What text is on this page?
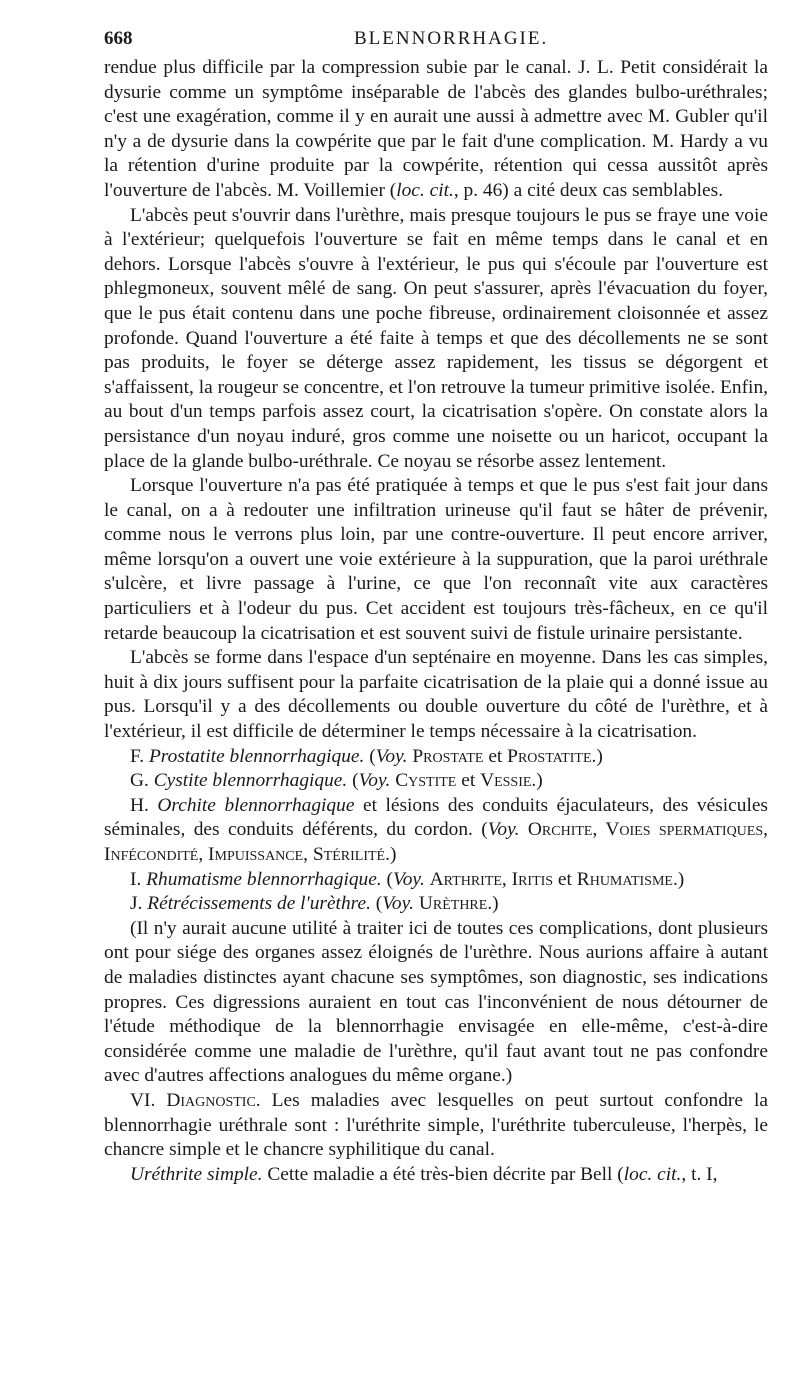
668	BLENNORRHAGIE.

rendue plus difficile par la compression subie par le canal. J. L. Petit considérait la dysurie comme un symptôme inséparable de l'abcès des glandes bulbo-uréthrales; c'est une exagération, comme il y en aurait une aussi à admettre avec M. Gubler qu'il n'y a de dysurie dans la cowpérite que par le fait d'une complication. M. Hardy a vu la rétention d'urine produite par la cowpérite, rétention qui cessa aussitôt après l'ouverture de l'abcès. M. Voillemier (loc. cit., p. 46) a cité deux cas semblables.

L'abcès peut s'ouvrir dans l'urèthre, mais presque toujours le pus se fraye une voie à l'extérieur; quelquefois l'ouverture se fait en même temps dans le canal et en dehors. Lorsque l'abcès s'ouvre à l'extérieur, le pus qui s'écoule par l'ouverture est phlegmoneux, souvent mêlé de sang. On peut s'assurer, après l'évacuation du foyer, que le pus était contenu dans une poche fibreuse, ordinairement cloisonnée et assez profonde. Quand l'ouverture a été faite à temps et que des décollements ne se sont pas produits, le foyer se déterge assez rapidement, les tissus se dégorgent et s'affaissent, la rougeur se concentre, et l'on retrouve la tumeur primitive isolée. Enfin, au bout d'un temps parfois assez court, la cicatrisation s'opère. On constate alors la persistance d'un noyau induré, gros comme une noisette ou un haricot, occupant la place de la glande bulbo-uréthrale. Ce noyau se résorbe assez lentement.

Lorsque l'ouverture n'a pas été pratiquée à temps et que le pus s'est fait jour dans le canal, on a à redouter une infiltration urineuse qu'il faut se hâter de prévenir, comme nous le verrons plus loin, par une contre-ouverture. Il peut encore arriver, même lorsqu'on a ouvert une voie extérieure à la suppuration, que la paroi uréthrale s'ulcère, et livre passage à l'urine, ce que l'on reconnaît vite aux caractères particuliers et à l'odeur du pus. Cet accident est toujours très-fâcheux, en ce qu'il retarde beaucoup la cicatrisation et est souvent suivi de fistule urinaire persistante.

L'abcès se forme dans l'espace d'un septénaire en moyenne. Dans les cas simples, huit à dix jours suffisent pour la parfaite cicatrisation de la plaie qui a donné issue au pus. Lorsqu'il y a des décollements ou double ouverture du côté de l'urèthre, et à l'extérieur, il est difficile de déterminer le temps nécessaire à la cicatrisation.

F. Prostatite blennorrhagique. (Voy. Prostate et Prostatite.)

G. Cystite blennorrhagique. (Voy. Cystite et Vessie.)

H. Orchite blennorrhagique et lésions des conduits éjaculateurs, des vésicules séminales, des conduits déférents, du cordon. (Voy. Orchite, Voies spermatiques, Infécondité, Impuissance, Stérilité.)

I. Rhumatisme blennorrhagique. (Voy. Arthrite, Iritis et Rhumatisme.)

J. Rétrécissements de l'urèthre. (Voy. Urèthre.)

(Il n'y aurait aucune utilité à traiter ici de toutes ces complications, dont plusieurs ont pour siége des organes assez éloignés de l'urèthre. Nous aurions affaire à autant de maladies distinctes ayant chacune ses symptômes, son diagnostic, ses indications propres. Ces digressions auraient en tout cas l'inconvénient de nous détourner de l'étude méthodique de la blennorrhagie envisagée en elle-même, c'est-à-dire considérée comme une maladie de l'urèthre, qu'il faut avant tout ne pas confondre avec d'autres affections analogues du même organe.)

VI. Diagnostic. Les maladies avec lesquelles on peut surtout confondre la blennorrhagie uréthrale sont : l'uréthrite simple, l'uréthrite tuberculeuse, l'herpès, le chancre simple et le chancre syphilitique du canal.

Uréthrite simple. Cette maladie a été très-bien décrite par Bell (loc. cit., t. I,
